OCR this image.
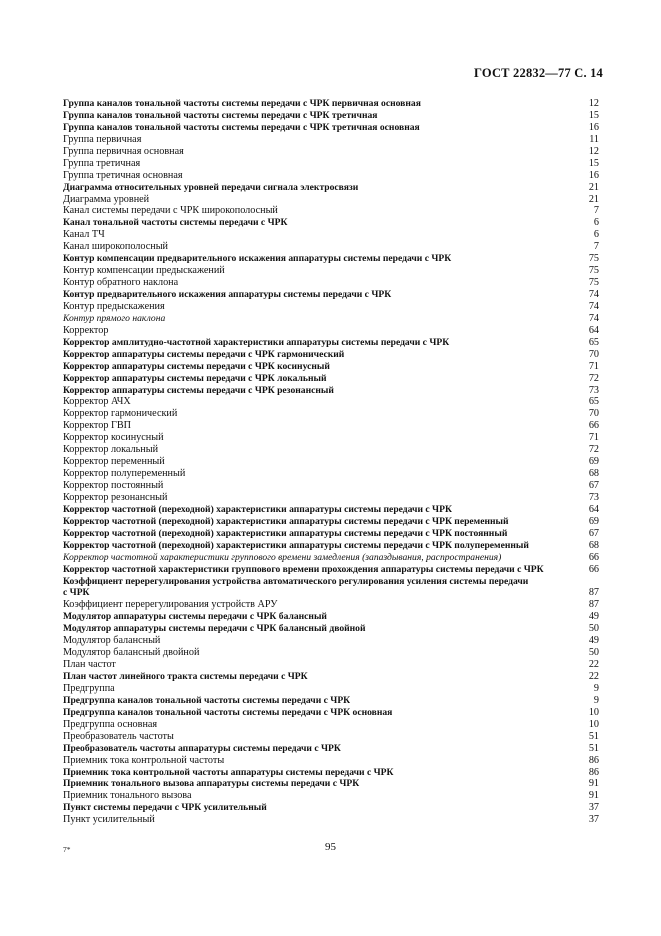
ГОСТ 22832—77 С. 14
Группа каналов тональной частоты системы передачи с ЧРК первичная основная	12
Группа каналов тональной частоты системы передачи с ЧРК третичная	15
Группа каналов тональной частоты системы передачи с ЧРК третичная основная	16
Группа первичная	11
Группа первичная основная	12
Группа третичная	15
Группа третичная основная	16
Диаграмма относительных уровней передачи сигнала электросвязи	21
Диаграмма уровней	21
Канал системы передачи с ЧРК широкополосный	7
Канал тональной частоты системы передачи с ЧРК	6
Канал ТЧ	6
Канал широкополосный	7
Контур компенсации предварительного искажения аппаратуры системы передачи с ЧРК	75
Контур компенсации предыскажений	75
Контур обратного наклона	75
Контур предварительного искажения аппаратуры системы передачи с ЧРК	74
Контур предыскажения	74
Контур прямого наклона	74
Корректор	64
Корректор амплитудно-частотной характеристики аппаратуры системы передачи с ЧРК	65
Корректор аппаратуры системы передачи с ЧРК гармонический	70
Корректор аппаратуры системы передачи с ЧРК косинусный	71
Корректор аппаратуры системы передачи с ЧРК локальный	72
Корректор аппаратуры системы передачи с ЧРК резонансный	73
Корректор АЧХ	65
Корректор гармонический	70
Корректор ГВП	66
Корректор косинусный	71
Корректор локальный	72
Корректор переменный	69
Корректор полупеременный	68
Корректор постоянный	67
Корректор резонансный	73
Корректор частотной (переходной) характеристики аппаратуры системы передачи с ЧРК	64
Корректор частотной (переходной) характеристики аппаратуры системы передачи с ЧРК переменный	69
Корректор частотной (переходной) характеристики аппаратуры системы передачи с ЧРК постоянный	67
Корректор частотной (переходной) характеристики аппаратуры системы передачи с ЧРК полупеременный	68
Корректор частотной характеристики группового времени замедления (запаздывания, распространения)	66
Корректор частотной характеристики группового времени прохождения аппаратуры системы передачи с ЧРК	66
Коэффициент перерегулирования устройства автоматического регулирования усиления системы передачи
с ЧРК	87
Коэффициент перерегулирования устройств АРУ	87
Модулятор аппаратуры системы передачи с ЧРК балансный	49
Модулятор аппаратуры системы передачи с ЧРК балансный двойной	50
Модулятор балансный	49
Модулятор балансный двойной	50
План частот	22
План частот линейного тракта системы передачи с ЧРК	22
Предгруппа	9
Предгруппа каналов тональной частоты системы передачи с ЧРК	9
Предгруппа каналов тональной частоты системы передачи с ЧРК основная	10
Предгруппа основная	10
Преобразователь частоты	51
Преобразователь частоты аппаратуры системы передачи с ЧРК	51
Приемник тока контрольной частоты	86
Приемник тока контрольной частоты аппаратуры системы передачи с ЧРК	86
Приемник тонального вызова аппаратуры системы передачи с ЧРК	91
Приемник тонального вызова	91
Пункт системы передачи с ЧРК усилительный	37
Пункт усилительный	37
7*	95
